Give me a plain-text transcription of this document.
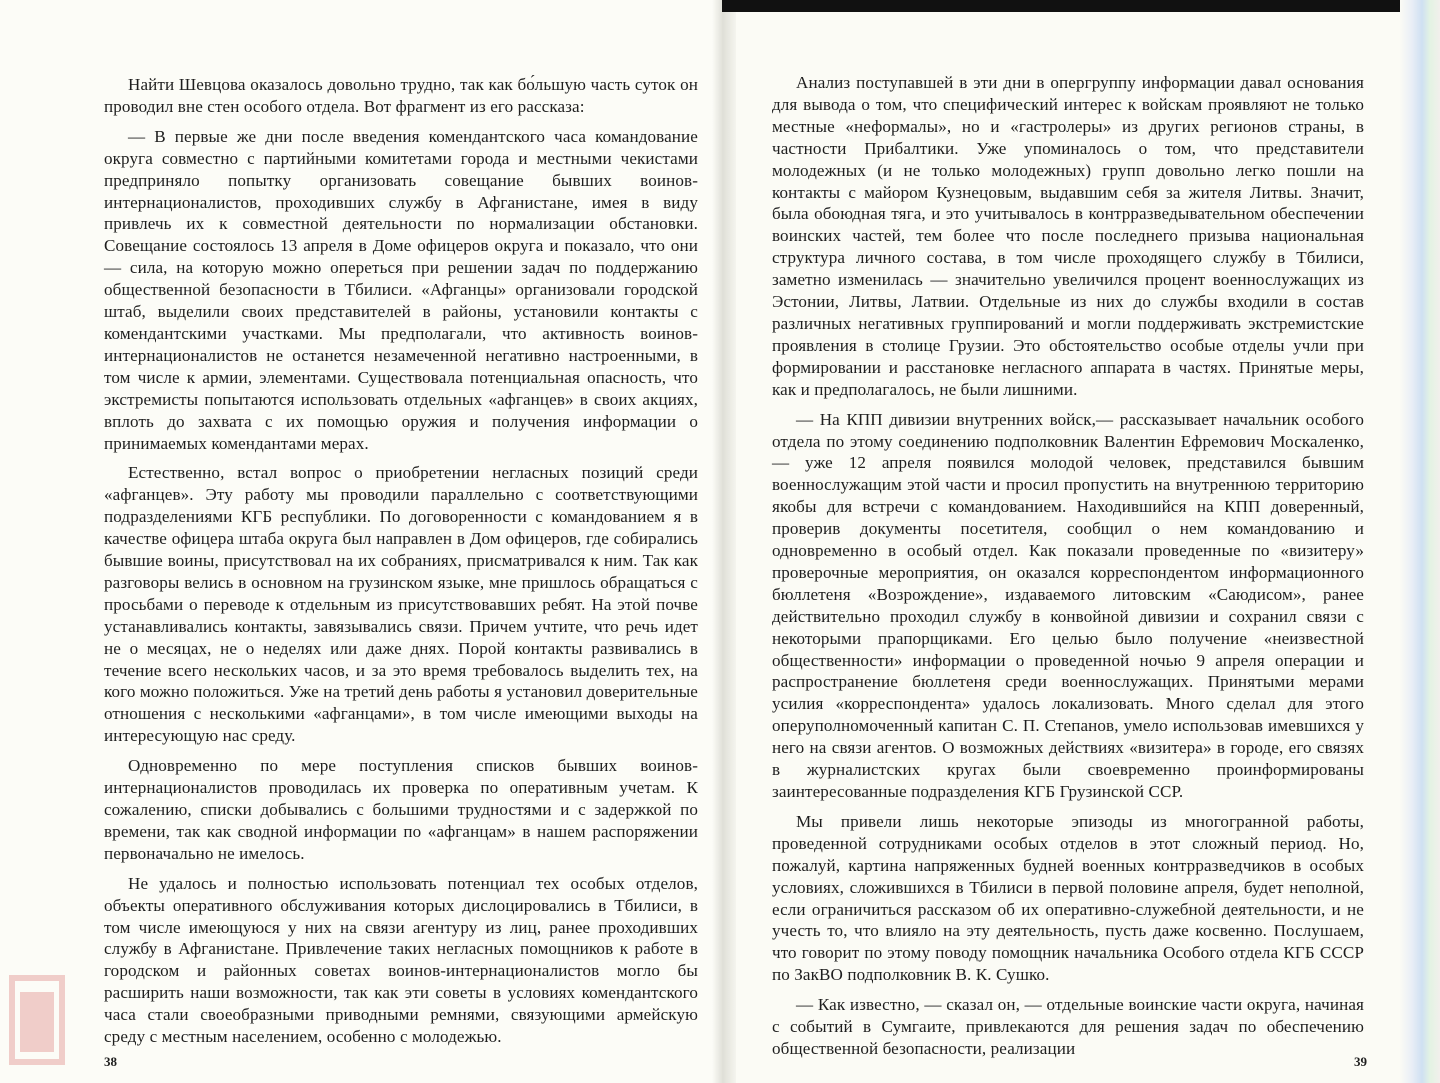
Найти Шевцова оказалось довольно трудно, так как бо́льшую часть суток он проводил вне стен особого отдела. Вот фрагмент из его рассказа:

— В первые же дни после введения комендантского часа командование округа совместно с партийными комитетами города и местными чекистами предприняло попытку организовать совещание бывших воинов-интернационалистов, проходивших службу в Афганистане, имея в виду привлечь их к совместной деятельности по нормализации обстановки. Совещание состоялось 13 апреля в Доме офицеров округа и показало, что они — сила, на которую можно опереться при решении задач по поддержанию общественной безопасности в Тбилиси. «Афганцы» организовали городской штаб, выделили своих представителей в районы, установили контакты с комендантскими участками. Мы предполагали, что активность воинов-интернационалистов не останется незамеченной негативно настроенными, в том числе к армии, элементами. Существовала потенциальная опасность, что экстремисты попытаются использовать отдельных «афганцев» в своих акциях, вплоть до захвата с их помощью оружия и получения информации о принимаемых комендантами мерах.

Естественно, встал вопрос о приобретении негласных позиций среди «афганцев». Эту работу мы проводили параллельно с соответствующими подразделениями КГБ республики. По договоренности с командованием я в качестве офицера штаба округа был направлен в Дом офицеров, где собирались бывшие воины, присутствовал на их собраниях, присматривался к ним. Так как разговоры велись в основном на грузинском языке, мне пришлось обращаться с просьбами о переводе к отдельным из присутствовавших ребят. На этой почве устанавливались контакты, завязывались связи. Причем учтите, что речь идет не о месяцах, не о неделях или даже днях. Порой контакты развивались в течение всего нескольких часов, и за это время требовалось выделить тех, на кого можно положиться. Уже на третий день работы я установил доверительные отношения с несколькими «афганцами», в том числе имеющими выходы на интересующую нас среду.

Одновременно по мере поступления списков бывших воинов-интернационалистов проводилась их проверка по оперативным учетам. К сожалению, списки добывались с большими трудностями и с задержкой по времени, так как сводной информации по «афганцам» в нашем распоряжении первоначально не имелось.

Не удалось и полностью использовать потенциал тех особых отделов, объекты оперативного обслуживания которых дислоцировались в Тбилиси, в том числе имеющуюся у них на связи агентуру из лиц, ранее проходивших службу в Афганистане. Привлечение таких негласных помощников к работе в городском и районных советах воинов-интернационалистов могло бы расширить наши возможности, так как эти советы в условиях комендантского часа стали своеобразными приводными ремнями, связующими армейскую среду с местным населением, особенно с молодежью.

38

Анализ поступавшей в эти дни в опергруппу информации давал основания для вывода о том, что специфический интерес к войскам проявляют не только местные «неформалы», но и «гастролеры» из других регионов страны, в частности Прибалтики. Уже упоминалось о том, что представители молодежных (и не только молодежных) групп довольно легко пошли на контакты с майором Кузнецовым, выдавшим себя за жителя Литвы. Значит, была обоюдная тяга, и это учитывалось в контрразведывательном обеспечении воинских частей, тем более что после последнего призыва национальная структура личного состава, в том числе проходящего службу в Тбилиси, заметно изменилась — значительно увеличился процент военнослужащих из Эстонии, Литвы, Латвии. Отдельные из них до службы входили в состав различных негативных группирований и могли поддерживать экстремистские проявления в столице Грузии. Это обстоятельство особые отделы учли при формировании и расстановке негласного аппарата в частях. Принятые меры, как и предполагалось, не были лишними.

— На КПП дивизии внутренних войск,— рассказывает начальник особого отдела по этому соединению подполковник Валентин Ефремович Москаленко, — уже 12 апреля появился молодой человек, представился бывшим военнослужащим этой части и просил пропустить на внутреннюю территорию якобы для встречи с командованием. Находившийся на КПП доверенный, проверив документы посетителя, сообщил о нем командованию и одновременно в особый отдел. Как показали проведенные по «визитеру» проверочные мероприятия, он оказался корреспондентом информационного бюллетеня «Возрождение», издаваемого литовским «Саюдисом», ранее действительно проходил службу в конвойной дивизии и сохранил связи с некоторыми прапорщиками. Его целью было получение «неизвестной общественности» информации о проведенной ночью 9 апреля операции и распространение бюллетеня среди военнослужащих. Принятыми мерами усилия «корреспондента» удалось локализовать. Много сделал для этого оперуполномоченный капитан С. П. Степанов, умело использовав имевшихся у него на связи агентов. О возможных действиях «визитера» в городе, его связях в журналистских кругах были своевременно проинформированы заинтересованные подразделения КГБ Грузинской ССР.

Мы привели лишь некоторые эпизоды из многогранной работы, проведенной сотрудниками особых отделов в этот сложный период. Но, пожалуй, картина напряженных будней военных контрразведчиков в особых условиях, сложившихся в Тбилиси в первой половине апреля, будет неполной, если ограничиться рассказом об их оперативно-служебной деятельности, и не учесть то, что влияло на эту деятельность, пусть даже косвенно. Послушаем, что говорит по этому поводу помощник начальника Особого отдела КГБ СССР по ЗакВО подполковник В. К. Сушко.

— Как известно, — сказал он, — отдельные воинские части округа, начиная с событий в Сумгаите, привлекаются для решения задач по обеспечению общественной безопасности, реализации

39
